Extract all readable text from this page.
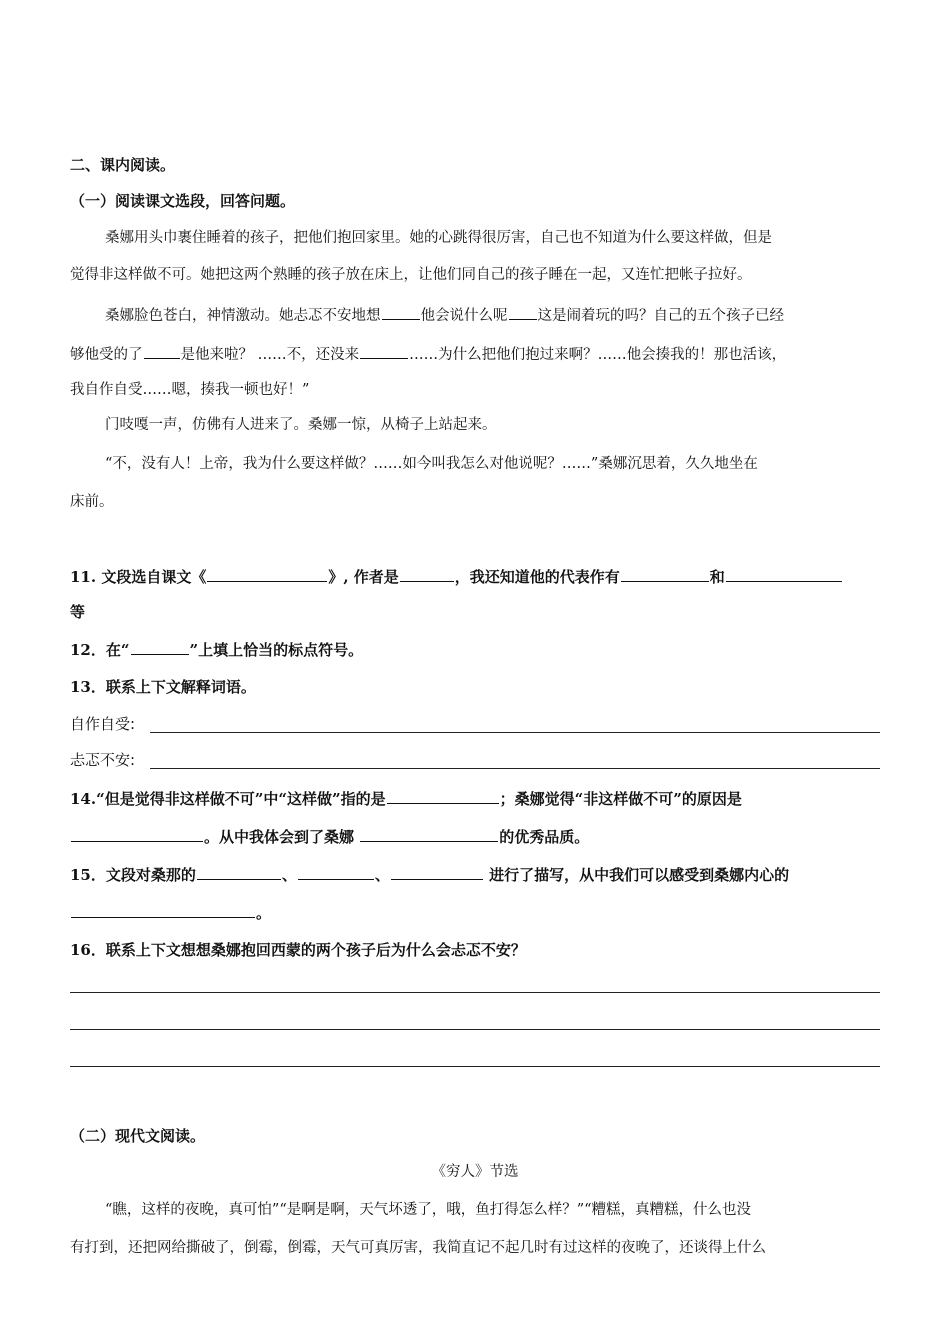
二、课内阅读。
（一）阅读课文选段，回答问题。
桑娜用头巾裹住睡着的孩子，把他们抱回家里。她的心跳得很厉害，自己也不知道为什么要这样做，但是
觉得非这样做不可。她把这两个熟睡的孩子放在床上，让他们同自己的孩子睡在一起，又连忙把帐子拉好。
桑娜脸色苍白，神情激动。她忐忑不安地想	他会说什么呢 这是闹着玩的吗？自己的五个孩子已经
够他受的了	是他来啦？ ……不，还没来	……为什么把他们抱过来啊？……他会揍我的！那也活该，
我自作自受……嗯，揍我一顿也好！”
门吱嘎一声，仿佛有人进来了。桑娜一惊，从椅子上站起来。
“不，没有人！上帝，我为什么要这样做？……如今叫我怎么对他说呢？……”桑娜沉思着，久久地坐在
床前。
11. 文段选自课文《	》, 作者是	，我还知道他的代表作有	和
等
12．在“	”上填上恰当的标点符号。
13．联系上下文解释词语。
自作自受:
忐忑不安:
14.“但是觉得非这样做不可”中“这样做”指的是	；桑娜觉得“非这样做不可”的原因是
。从中我体会到了桑娜	的优秀品质。
15．文段对桑那的	、	、	进行了描写，从中我们可以感受到桑娜内心的
。
16．联系上下文想想桑娜抱回西蒙的两个孩子后为什么会忐忑不安？
（二）现代文阅读。
《穷人》节选
“瞧，这样的夜晚，真可怕”“是啊是啊，天气坏透了，哦，鱼打得怎么样？”“糟糕，真糟糕，什么也没
有打到，还把网给撕破了，倒霉，倒霉，天气可真厉害，我简直记不起几时有过这样的夜晚了，还谈得上什么
